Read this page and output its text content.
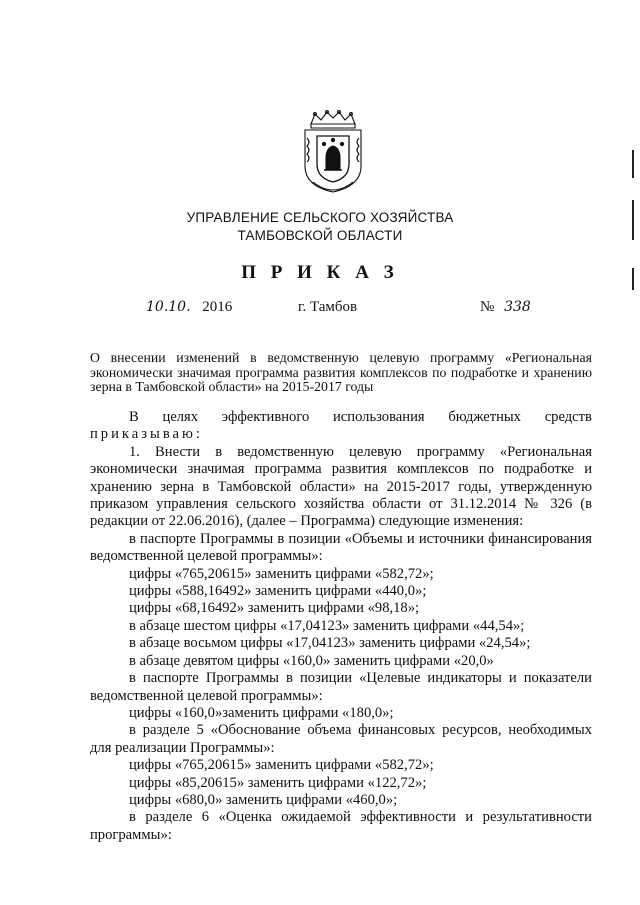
УПРАВЛЕНИЕ СЕЛЬСКОГО ХОЗЯЙСТВА
ТАМБОВСКОЙ ОБЛАСТИ
П Р И К А З
10.10. 2016	г. Тамбов	№ 338
О внесении изменений в ведомственную целевую программу «Региональная экономически значимая программа развития комплексов по подработке и хранению зерна в Тамбовской области» на 2015-2017 годы

В целях эффективного использования бюджетных средств

приказываю:

1. Внести в ведомственную целевую программу «Региональная экономически значимая программа развития комплексов по подработке и хранению зерна в Тамбовской области» на 2015-2017 годы, утвержденную приказом управления сельского хозяйства области от 31.12.2014 № 326 (в редакции от 22.06.2016), (далее – Программа) следующие изменения:

в паспорте Программы в позиции «Объемы и источники финансирования ведомственной целевой программы»:

цифры «765,20615» заменить цифрами «582,72»;

цифры «588,16492» заменить цифрами «440,0»;

цифры «68,16492» заменить цифрами «98,18»;

в абзаце шестом цифры «17,04123» заменить цифрами «44,54»;

в абзаце восьмом цифры «17,04123» заменить цифрами «24,54»;

в абзаце девятом цифры «160,0» заменить цифрами «20,0»

в паспорте Программы в позиции «Целевые индикаторы и показатели ведомственной целевой программы»:

цифры «160,0»заменить цифрами «180,0»;

в разделе 5 «Обоснование объема финансовых ресурсов, необходимых для реализации Программы»:

цифры «765,20615» заменить цифрами «582,72»;

цифры «85,20615» заменить цифрами «122,72»;

цифры «680,0» заменить цифрами «460,0»;

в разделе 6 «Оценка ожидаемой эффективности и результативности программы»:
